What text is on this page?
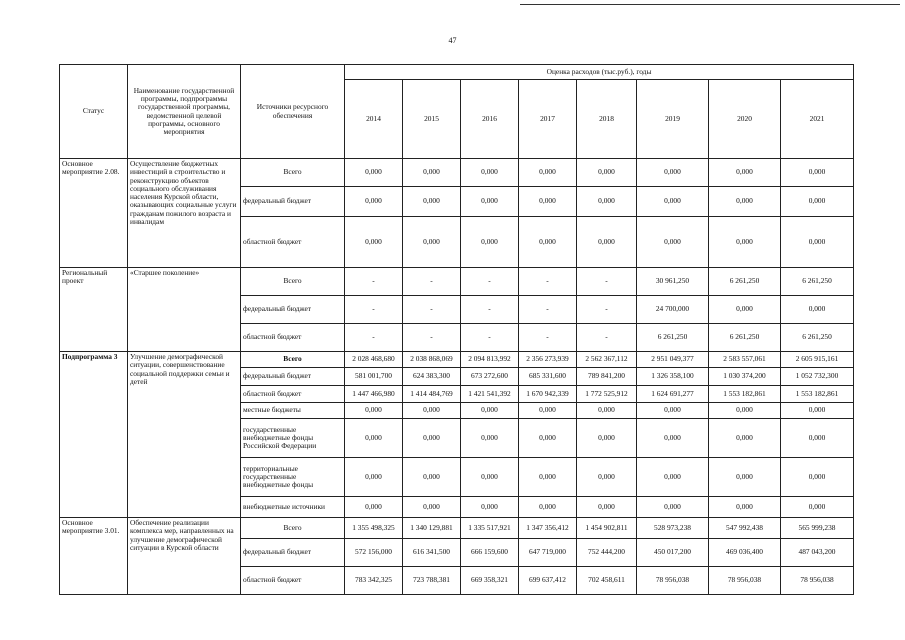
47
Статус	Наименование государственной программы, подпрограммы государственной программы, ведомственной целевой программы, основного мероприятия	Источники ресурсного обеспечения	Оценка расходов (тыс.руб.), годы							
			2014	2015	2016	2017	2018	2019	2020	2021
Основное мероприятие 2.08.	Осуществление бюджетных инвестиций в строительство и реконструкцию объектов социального обслуживания населения Курской области, оказывающих социальные услуги гражданам пожилого возраста и инвалидам	Всего	0,000	0,000	0,000	0,000	0,000	0,000	0,000	0,000
		федеральный бюджет	0,000	0,000	0,000	0,000	0,000	0,000	0,000	0,000
		областной бюджет	0,000	0,000	0,000	0,000	0,000	0,000	0,000	0,000
Региональный проект	«Старшее поколение»	Всего	-	-	-	-	-	30 961,250	6 261,250	6 261,250
		федеральный бюджет	-	-	-	-	-	24 700,000	0,000	0,000
		областной бюджет	-	-	-	-	-	6 261,250	6 261,250	6 261,250
Подпрограмма 3	Улучшение демографической ситуации, совершенствование социальной поддержки семьи и детей	Всего	2 028 468,680	2 038 868,069	2 094 813,992	2 356 273,939	2 562 367,112	2 951 049,377	2 583 557,061	2 605 915,161
		федеральный бюджет	581 001,700	624 383,300	673 272,600	685 331,600	789 841,200	1 326 358,100	1 030 374,200	1 052 732,300
		областной бюджет	1 447 466,980	1 414 484,769	1 421 541,392	1 670 942,339	1 772 525,912	1 624 691,277	1 553 182,861	1 553 182,861
		местные бюджеты	0,000	0,000	0,000	0,000	0,000	0,000	0,000	0,000
		государственные внебюджетные фонды Российской Федерации	0,000	0,000	0,000	0,000	0,000	0,000	0,000	0,000
		территориальные государственные внебюджетные фонды	0,000	0,000	0,000	0,000	0,000	0,000	0,000	0,000
		внебюджетные источники	0,000	0,000	0,000	0,000	0,000	0,000	0,000	0,000
Основное мероприятие 3.01.	Обеспечение реализации комплекса мер, направленных на улучшение демографической ситуации в Курской области	Всего	1 355 498,325	1 340 129,881	1 335 517,921	1 347 356,412	1 454 902,811	528 973,238	547 992,438	565 999,238
		федеральный бюджет	572 156,000	616 341,500	666 159,600	647 719,000	752 444,200	450 017,200	469 036,400	487 043,200
		областной бюджет	783 342,325	723 788,381	669 358,321	699 637,412	702 458,611	78 956,038	78 956,038	78 956,038
